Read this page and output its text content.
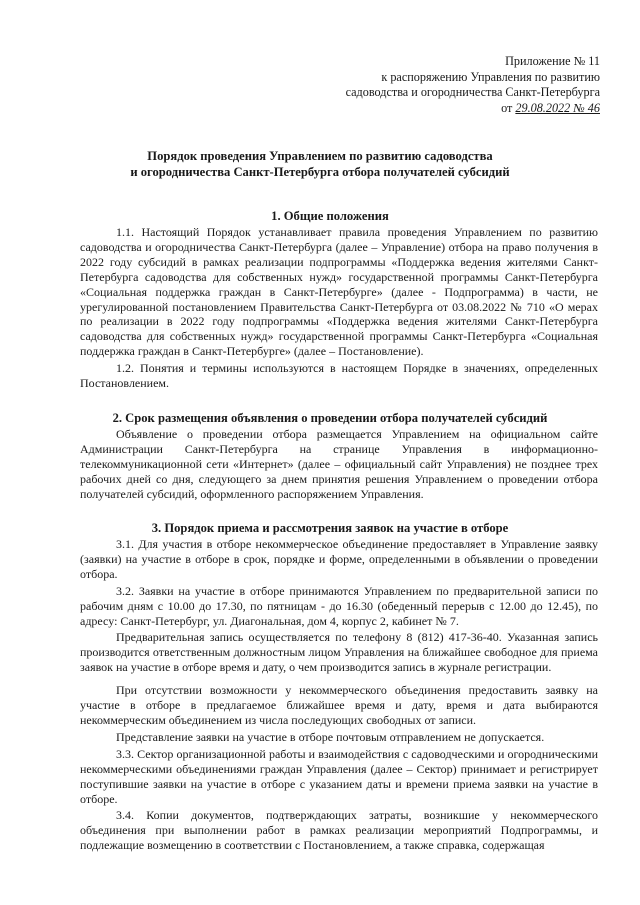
Приложение № 11
к распоряжению Управления по развитию
садоводства и огородничества Санкт-Петербурга
от 29.08.2022 № 46
Порядок проведения Управлением по развитию садоводства
и огородничества Санкт-Петербурга отбора получателей субсидий
1. Общие положения

1.1. Настоящий Порядок устанавливает правила проведения Управлением по развитию садоводства и огородничества Санкт-Петербурга (далее – Управление) отбора на право получения в 2022 году субсидий в рамках реализации подпрограммы «Поддержка ведения жителями Санкт-Петербурга садоводства для собственных нужд» государственной программы Санкт-Петербурга «Социальная поддержка граждан в Санкт-Петербурге» (далее - Подпрограмма) в части, не урегулированной постановлением Правительства Санкт-Петербурга от 03.08.2022 № 710 «О мерах по реализации в 2022 году подпрограммы «Поддержка ведения жителями Санкт-Петербурга садоводства для собственных нужд» государственной программы Санкт-Петербурга «Социальная поддержка граждан в Санкт-Петербурге» (далее – Постановление).

1.2. Понятия и термины используются в настоящем Порядке в значениях, определенных Постановлением.

2. Срок размещения объявления о проведении отбора получателей субсидий

Объявление о проведении отбора размещается Управлением на официальном сайте Администрации Санкт-Петербурга на странице Управления в информационно-телекоммуникационной сети «Интернет» (далее – официальный сайт Управления) не позднее трех рабочих дней со дня, следующего за днем принятия решения Управлением о проведении отбора получателей субсидий, оформленного распоряжением Управления.

3. Порядок приема и рассмотрения заявок на участие в отборе

3.1. Для участия в отборе некоммерческое объединение предоставляет в Управление заявку (заявки) на участие в отборе в срок, порядке и форме, определенными в объявлении о проведении отбора.

3.2. Заявки на участие в отборе принимаются Управлением по предварительной записи по рабочим дням с 10.00 до 17.30, по пятницам - до 16.30 (обеденный перерыв с 12.00 до 12.45), по адресу: Санкт-Петербург, ул. Диагональная, дом 4, корпус 2, кабинет № 7.

Предварительная запись осуществляется по телефону 8 (812) 417-36-40. Указанная запись производится ответственным должностным лицом Управления на ближайшее свободное для приема заявок на участие в отборе время и дату, о чем производится запись в журнале регистрации.

При отсутствии возможности у некоммерческого объединения предоставить заявку на участие в отборе в предлагаемое ближайшее время и дату, время и дата выбираются некоммерческим объединением из числа последующих свободных от записи.

Представление заявки на участие в отборе почтовым отправлением не допускается.

3.3. Сектор организационной работы и взаимодействия с садоводческими и огородническими некоммерческими объединениями граждан Управления (далее – Сектор) принимает и регистрирует поступившие заявки на участие в отборе с указанием даты и времени приема заявки на участие в отборе.

3.4. Копии документов, подтверждающих затраты, возникшие у некоммерческого объединения при выполнении работ в рамках реализации мероприятий Подпрограммы, и подлежащие возмещению в соответствии с Постановлением, а также справка, содержащая
